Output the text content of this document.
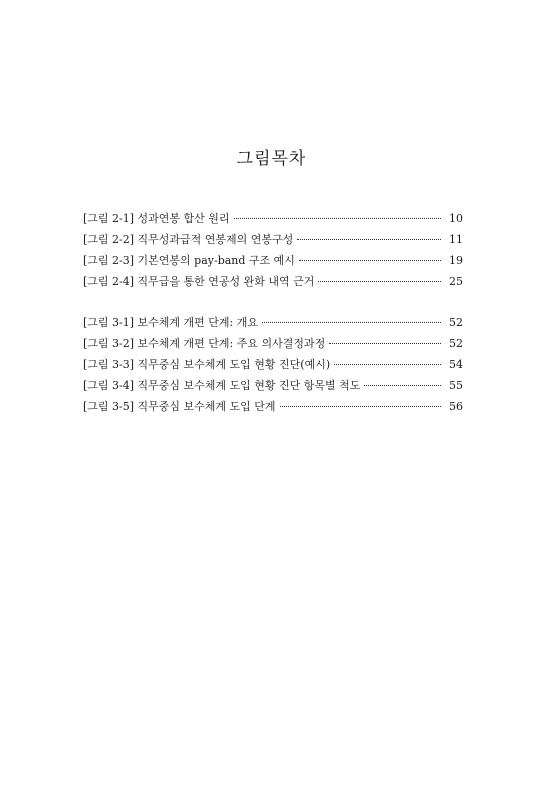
그림목차
[그림 2-1] 성과연봉 합산 원리	10
[그림 2-2] 직무성과급적 연봉제의 연봉구성	11
[그림 2-3] 기본연봉의 pay-band 구조 예시	19
[그림 2-4] 직무급을 통한 연공성 완화 내역 근거	25
[그림 3-1] 보수체계 개편 단계: 개요	52
[그림 3-2] 보수체계 개편 단계: 주요 의사결정과정	52
[그림 3-3] 직무중심 보수체계 도입 현황 진단(예시)	54
[그림 3-4] 직무중심 보수체계 도입 현황 진단 항목별 척도	55
[그림 3-5] 직무중심 보수체계 도입 단계	56
